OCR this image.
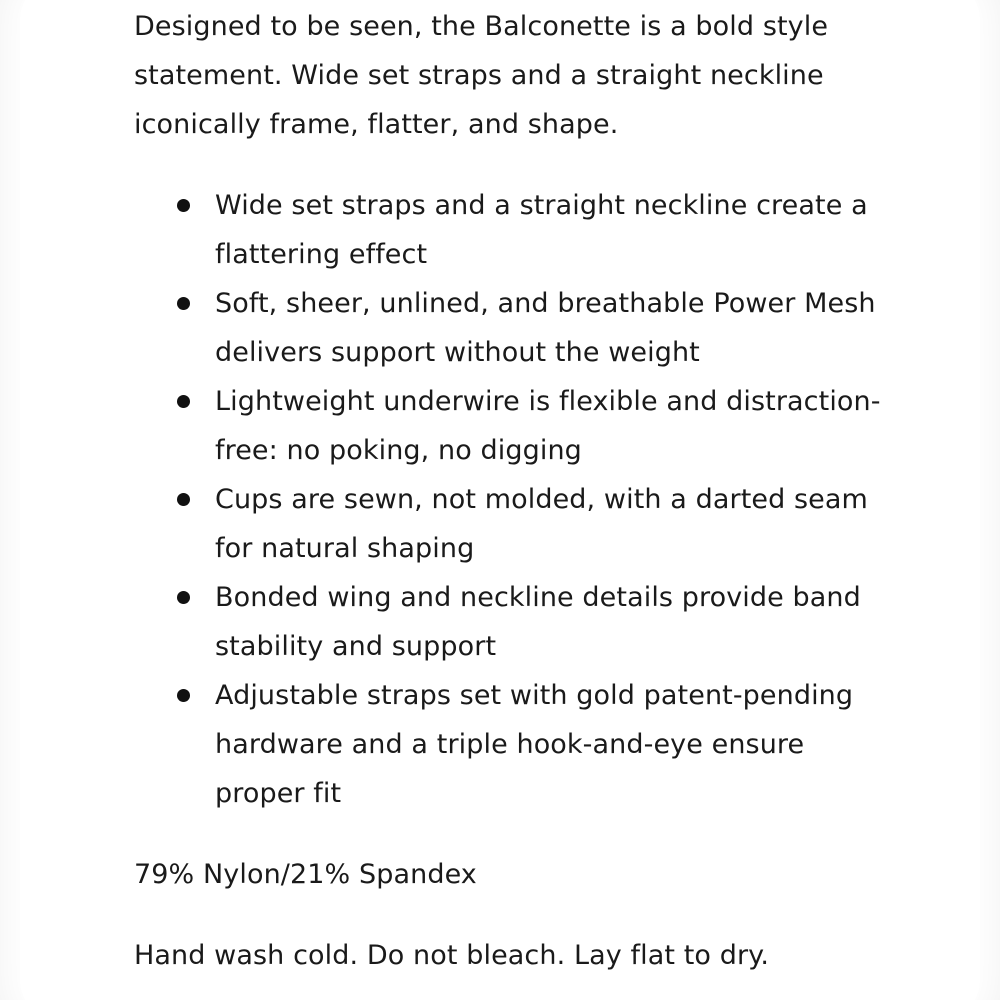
Designed to be seen, the Balconette is a bold style statement. Wide set straps and a straight neckline iconically frame, flatter, and shape.

Wide set straps and a straight neckline create a flattering effect
Soft, sheer, unlined, and breathable Power Mesh delivers support without the weight
Lightweight underwire is flexible and distraction-free: no poking, no digging
Cups are sewn, not molded, with a darted seam for natural shaping
Bonded wing and neckline details provide band stability and support
Adjustable straps set with gold patent-pending hardware and a triple hook-and-eye ensure proper fit

79% Nylon/21% Spandex

Hand wash cold. Do not bleach. Lay flat to dry.
